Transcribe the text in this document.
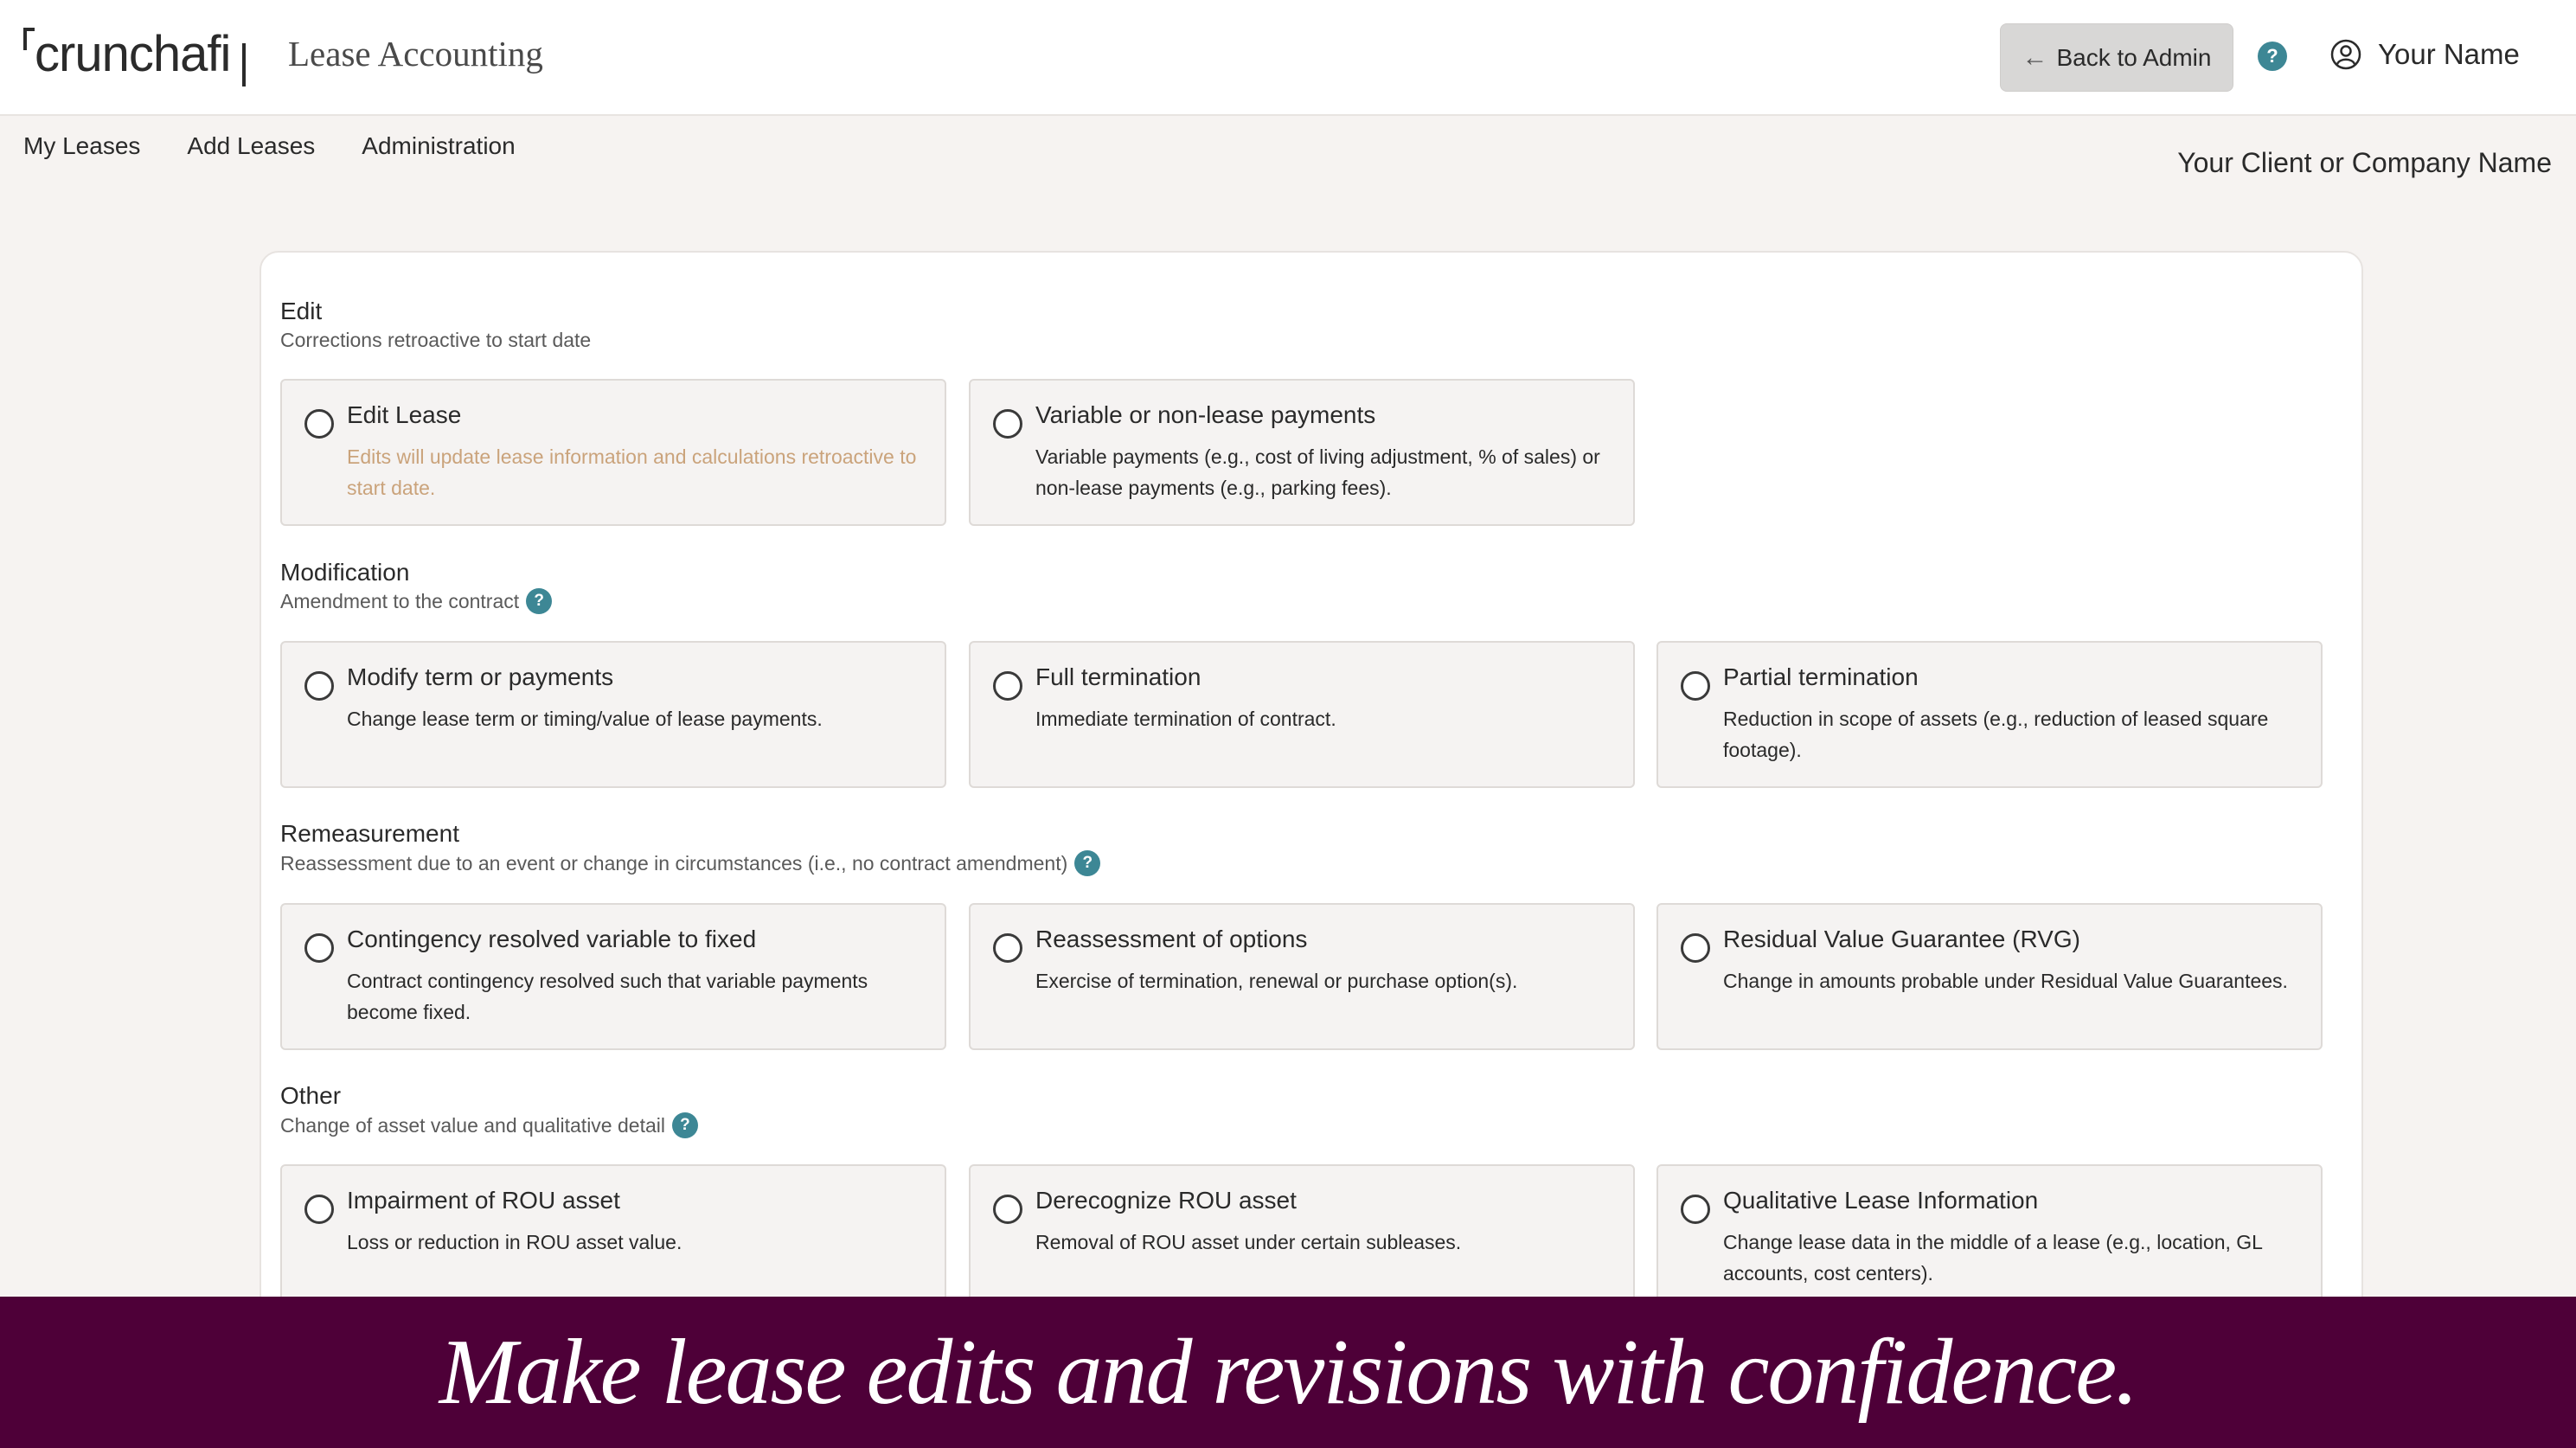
crunchafi Lease Accounting	← Back to Admin	?	Your Name
My Leases Add Leases Administration
Your Client or Company Name
Edit
Corrections retroactive to start date
Edit Lease
Edits will update lease information and calculations retroactive to start date.
Variable or non-lease payments
Variable payments (e.g., cost of living adjustment, % of sales) or non-lease payments (e.g., parking fees).
Modification
Amendment to the contract ?
Modify term or payments
Change lease term or timing/value of lease payments.
Full termination
Immediate termination of contract.
Partial termination
Reduction in scope of assets (e.g., reduction of leased square footage).
Remeasurement
Reassessment due to an event or change in circumstances (i.e., no contract amendment) ?
Contingency resolved variable to fixed
Contract contingency resolved such that variable payments become fixed.
Reassessment of options
Exercise of termination, renewal or purchase option(s).
Residual Value Guarantee (RVG)
Change in amounts probable under Residual Value Guarantees.
Other
Change of asset value and qualitative detail ?
Impairment of ROU asset
Loss or reduction in ROU asset value.
Derecognize ROU asset
Removal of ROU asset under certain subleases.
Qualitative Lease Information
Change lease data in the middle of a lease (e.g., location, GL accounts, cost centers).
Make lease edits and revisions with confidence.
